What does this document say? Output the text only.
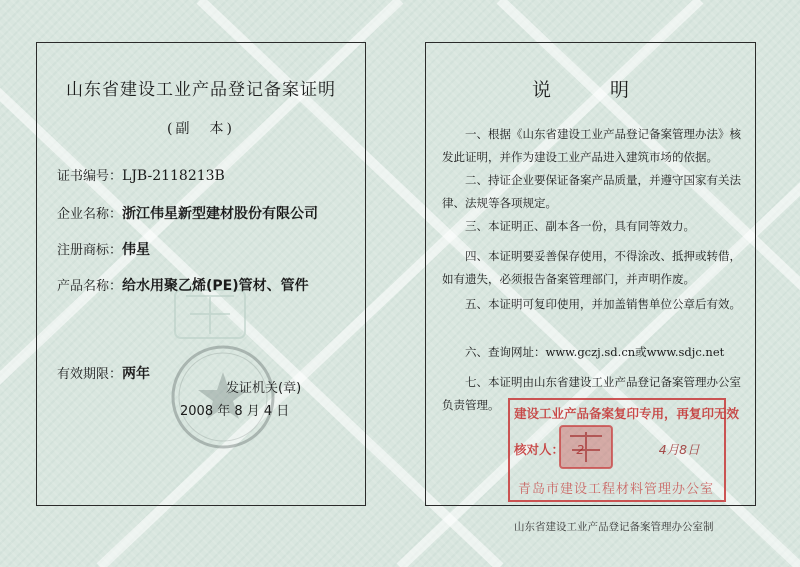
山东省建设工业产品登记备案证明
(副　本)
证书编号：LJB-2118213B
企业名称：浙江伟星新型建材股份有限公司
注册商标：伟星
产品名称：给水用聚乙烯(PE)管材、管件
有效期限：两年
发证机关(章)
2008 年 8 月 4 日
说　明
一、根据《山东省建设工业产品登记备案管理办法》核发此证明，并作为建设工业产品进入建筑市场的依据。
二、持证企业要保证备案产品质量，并遵守国家有关法律、法规等各项规定。
三、本证明正、副本各一份，具有同等效力。
四、本证明要妥善保存使用，不得涂改、抵押或转借，如有遗失，必须报告备案管理部门，并声明作废。
五、本证明可复印使用，并加盖销售单位公章后有效。
六、查询网址：www.gczj.sd.cn或www.sdjc.net
七、本证明由山东省建设工业产品登记备案管理办公室负责管理。
建设工业产品备案复印专用，再复印无效
核对人： 2	4月8日
青岛市建设工程材料管理办公室
山东省建设工业产品登记备案管理办公室制
